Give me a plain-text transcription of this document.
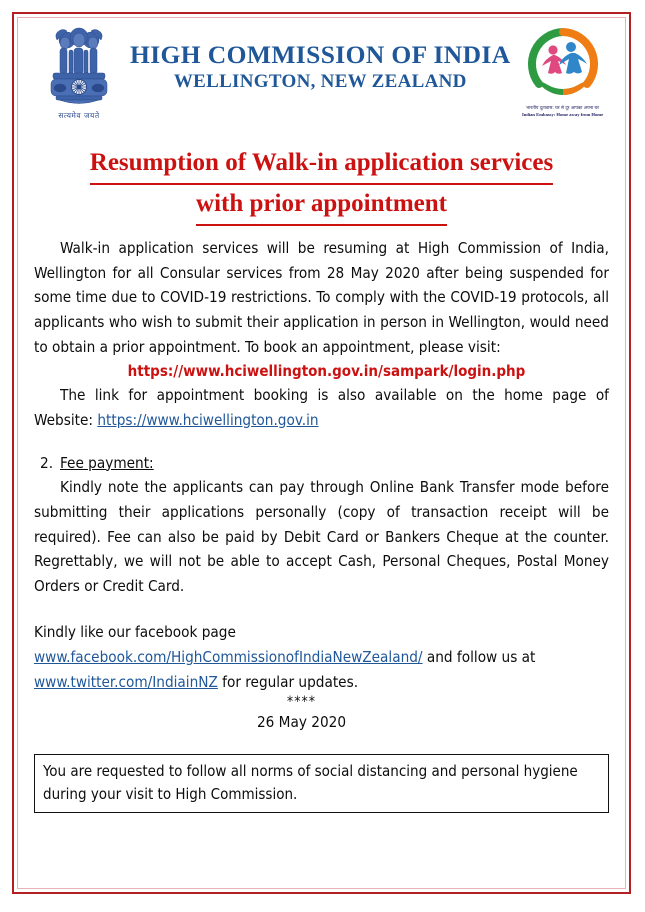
सत्यमेव जयते
HIGH COMMISSION OF INDIA
WELLINGTON, NEW ZEALAND
भारतीय दूतावास: घर से दूर आपका अपना घर
Indian Embassy: Home away from Home
Resumption of Walk-in application services
with prior appointment

Walk-in application services will be resuming at High Commission of India, Wellington for all Consular services from 28 May 2020 after being suspended for some time due to COVID-19 restrictions. To comply with the COVID-19 protocols, all applicants who wish to submit their application in person in Wellington, would need to obtain a prior appointment. To book an appointment, please visit:

https://www.hciwellington.gov.in/sampark/login.php

The link for appointment booking is also available on the home page of Website: https://www.hciwellington.gov.in

2. Fee payment:

Kindly note the applicants can pay through Online Bank Transfer mode before submitting their applications personally (copy of transaction receipt will be required). Fee can also be paid by Debit Card or Bankers Cheque at the counter. Regrettably, we will not be able to accept Cash, Personal Cheques, Postal Money Orders or Credit Card.

Kindly like our facebook page

www.facebook.com/HighCommissionofIndiaNewZealand/ and follow us at

www.twitter.com/IndiainNZ for regular updates.

****

26 May 2020

You are requested to follow all norms of social distancing and personal hygiene during your visit to High Commission.
